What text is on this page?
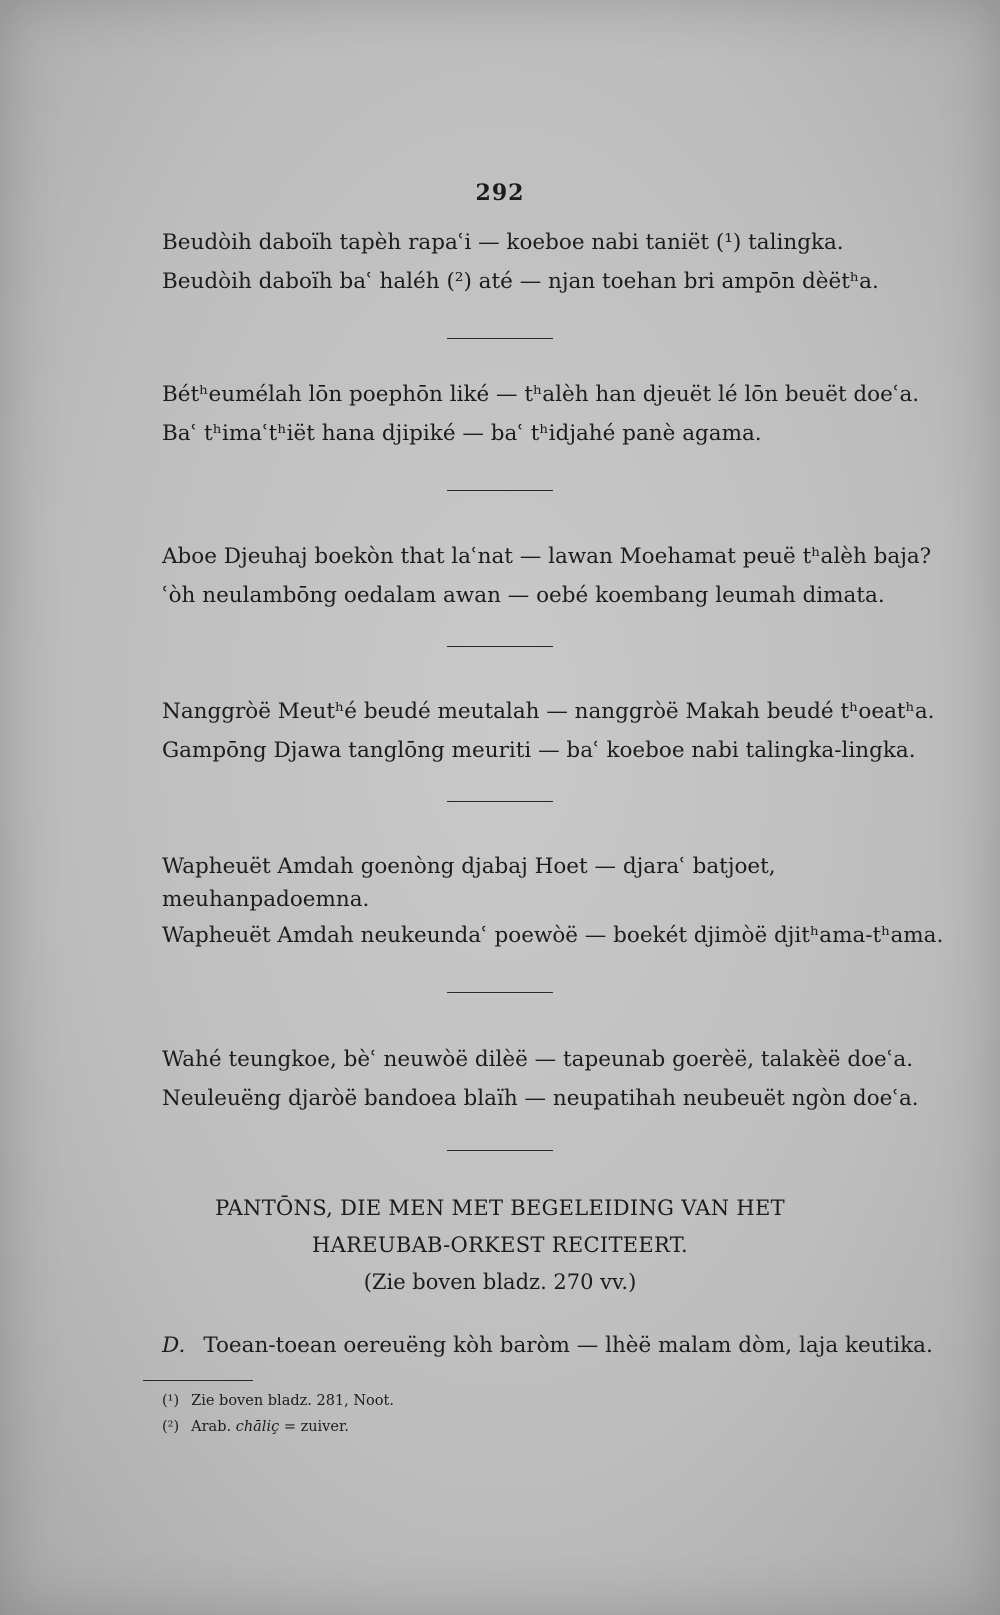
292
Beudòih daboïh tapèh rapaʿi — koeboe nabi taniët (¹) talingka.
Beudòih daboïh baʿ haléh (²) até — njan toehan bri ampōn dèëtʰa.
Bétʰeumélah lōn poephōn liké — tʰalèh han djeuët lé lōn beuët doeʿa.
Baʿ tʰimaʿtʰiët hana djipiké — baʿ tʰidjahé panè agama.
Aboe Djeuhaj boekòn that laʿnat — lawan Moehamat peuë tʰalèh baja?
ʿòh neulambōng oedalam awan — oebé koembang leumah dimata.
Nanggròë Meutʰé beudé meutalah — nanggròë Makah beudé tʰoeatʰa.
Gampōng Djawa tanglōng meuriti — baʿ koeboe nabi talingka-lingka.
Wapheuët Amdah goenòng djabaj Hoet — djaraʿ batjoet, meuhanpadoemna.
Wapheuët Amdah neukeundaʿ poewòë — boekét djimòë djitʰama-tʰama.
Wahé teungkoe, bèʿ neuwòë dilèë — tapeunab goerèë, talakèë doeʿa.
Neuleuëng djaròë bandoea blaïh — neupatihah neubeuët ngòn doeʿa.
PANTŌNS, DIE MEN MET BEGELEIDING VAN HET
HAREUBAB-ORKEST RECITEERT.
(Zie boven bladz. 270 vv.)
D. Toean-toean oereuëng kòh baròm — lhèë malam dòm, laja keutika.
(¹) Zie boven bladz. 281, Noot.
(²) Arab. chāliç = zuiver.
